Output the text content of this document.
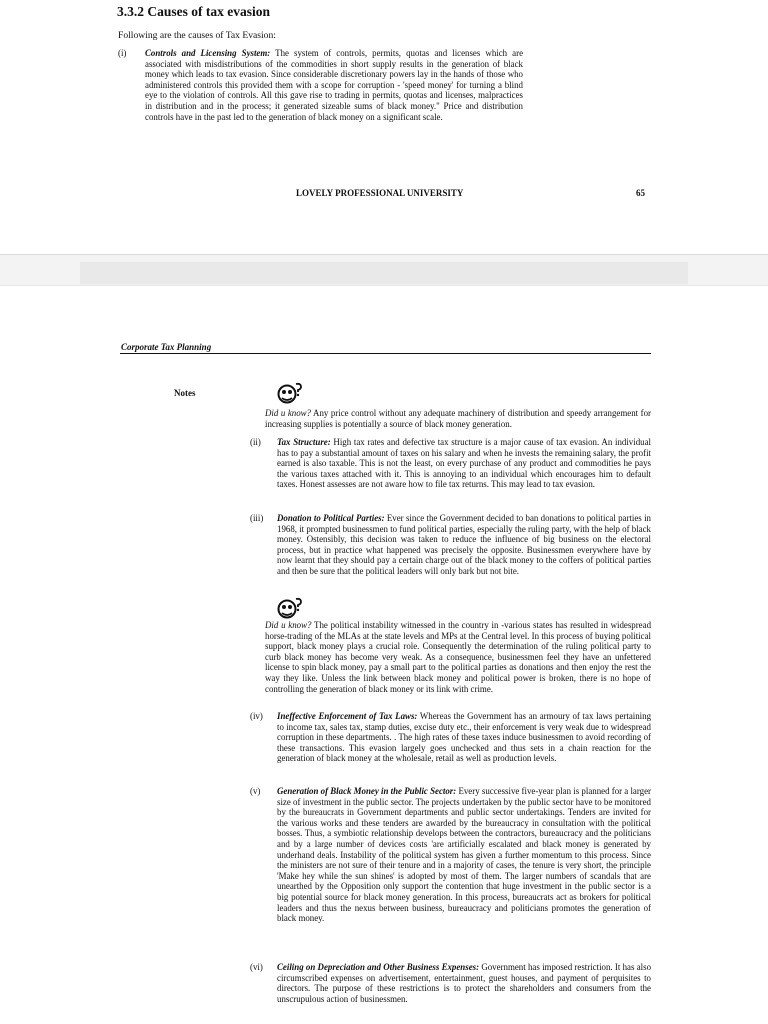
3.3.2 Causes of tax evasion
Following are the causes of Tax Evasion:
(i) Controls and Licensing System: The system of controls, permits, quotas and licenses which are associated with misdistributions of the commodities in short supply results in the generation of black money which leads to tax evasion. Since considerable discretionary powers lay in the hands of those who administered controls this provided them with a scope for corruption - 'speed money' for turning a blind eye to the violation of controls. All this gave rise to trading in permits, quotas and licenses, malpractices in distribution and in the process; it generated sizeable sums of black money." Price and distribution controls have in the past led to the generation of black money on a significant scale.
LOVELY PROFESSIONAL UNIVERSITY	65
Corporate Tax Planning
Notes
Did u know? Any price control without any adequate machinery of distribution and speedy arrangement for increasing supplies is potentially a source of black money generation.
(ii) Tax Structure: High tax rates and defective tax structure is a major cause of tax evasion. An individual has to pay a substantial amount of taxes on his salary and when he invests the remaining salary, the profit earned is also taxable. This is not the least, on every purchase of any product and commodities he pays the various taxes attached with it. This is annoying to an individual which encourages him to default taxes. Honest assesses are not aware how to file tax returns. This may lead to tax evasion.
(iii) Donation to Political Parties: Ever since the Government decided to ban donations to political parties in 1968, it prompted businessmen to fund political parties, especially the ruling party, with the help of black money. Ostensibly, this decision was taken to reduce the influence of big business on the electoral process, but in practice what happened was precisely the opposite. Businessmen everywhere have by now learnt that they should pay a certain charge out of the black money to the coffers of political parties and then be sure that the political leaders will only bark but not bite.
Did u know? The political instability witnessed in the country in -various states has resulted in widespread horse-trading of the MLAs at the state levels and MPs at the Central level. In this process of buying political support, black money plays a crucial role. Consequently the determination of the ruling political party to curb black money has become very weak. As a consequence, businessmen feel they have an unfettered license to spin black money, pay a small part to the political parties as donations and then enjoy the rest the way they like. Unless the link between black money and political power is broken, there is no hope of controlling the generation of black money or its link with crime.
(iv) Ineffective Enforcement of Tax Laws: Whereas the Government has an armoury of tax laws pertaining to income tax, sales tax, stamp duties, excise duty etc., their enforcement is very weak due to widespread corruption in these departments. . The high rates of these taxes induce businessmen to avoid recording of these transactions. This evasion largely goes unchecked and thus sets in a chain reaction for the generation of black money at the wholesale, retail as well as production levels.
(v) Generation of Black Money in the Public Sector: Every successive five-year plan is planned for a larger size of investment in the public sector. The projects undertaken by the public sector have to be monitored by the bureaucrats in Government departments and public sector undertakings. Tenders are invited for the various works and these tenders are awarded by the bureaucracy in consultation with the political bosses. Thus, a symbiotic relationship develops between the contractors, bureaucracy and the politicians and by a large number of devices costs 'are artificially escalated and black money is generated by underhand deals. Instability of the political system has given a further momentum to this process. Since the ministers are not sure of their tenure and in a majority of cases, the tenure is very short, the principle 'Make hey while the sun shines' is adopted by most of them. The larger numbers of scandals that are unearthed by the Opposition only support the contention that huge investment in the public sector is a big potential source for black money generation. In this process, bureaucrats act as brokers for political leaders and thus the nexus between business, bureaucracy and politicians promotes the generation of black money.
(vi) Ceiling on Depreciation and Other Business Expenses: Government has imposed restriction. It has also circumscribed expenses on advertisement, entertainment, guest houses, and payment of perquisites to directors. The purpose of these restrictions is to protect the shareholders and consumers from the unscrupulous action of businessmen.
